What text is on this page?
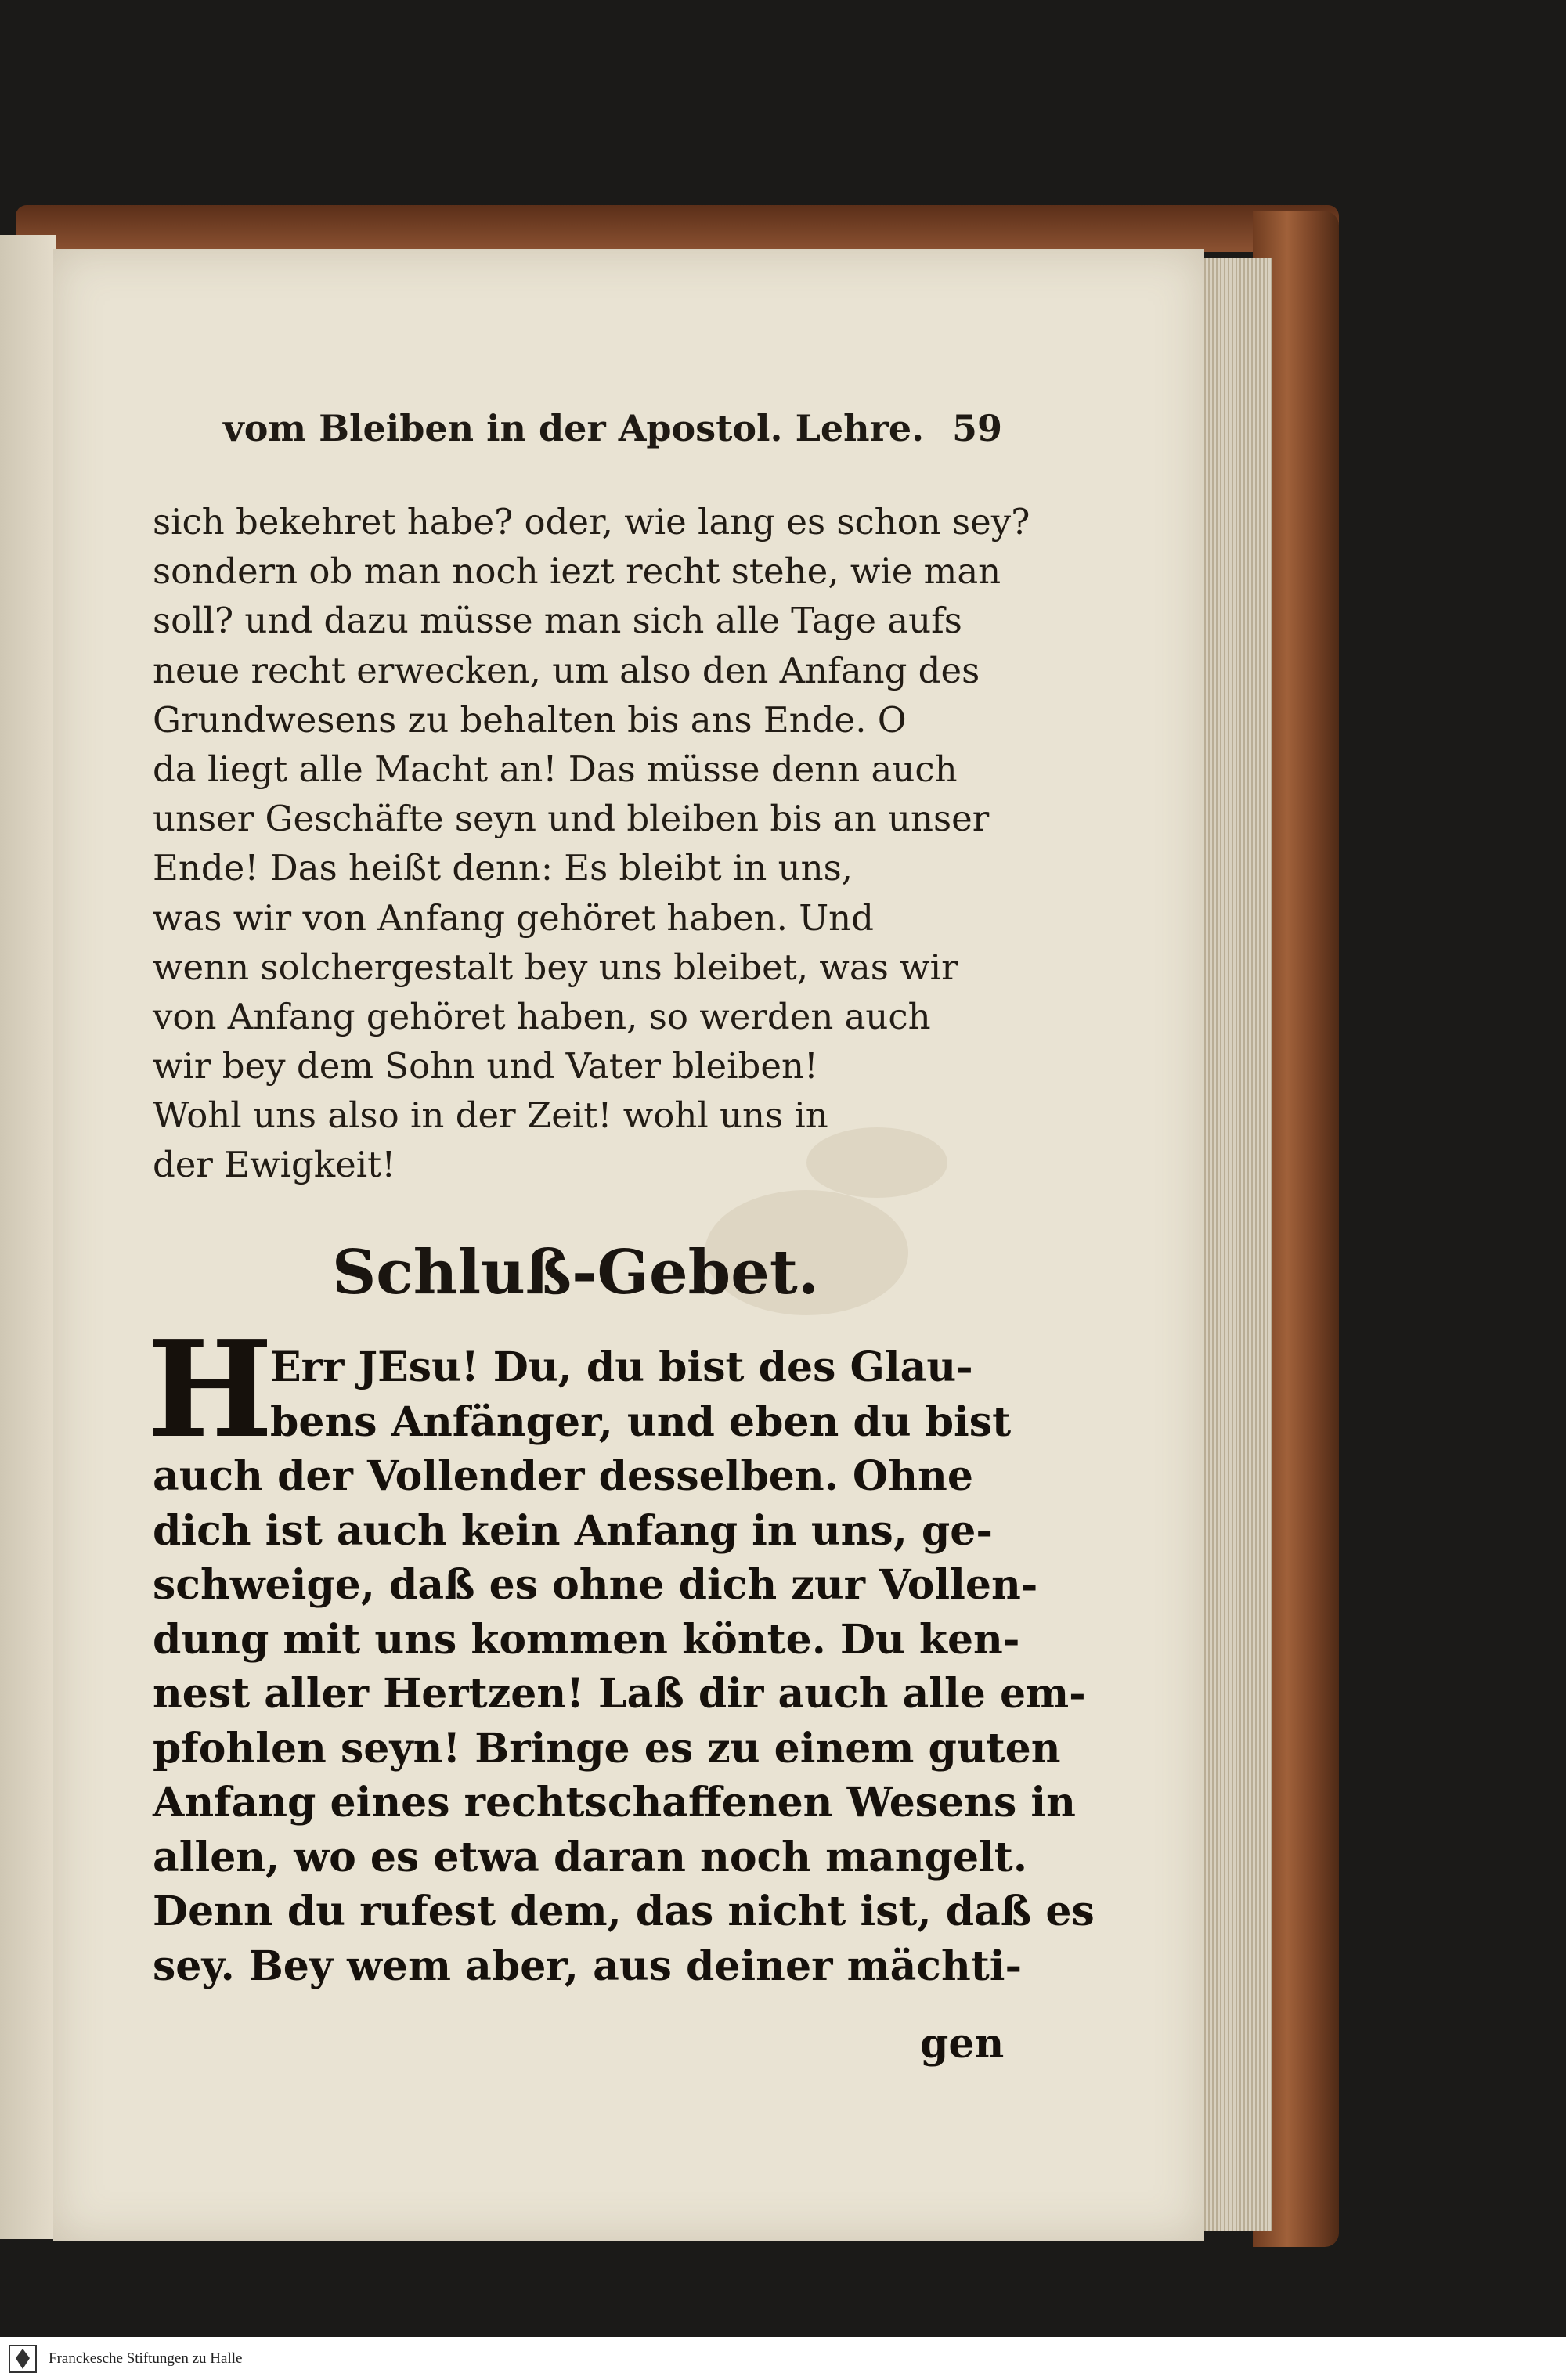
vom Bleiben in der Apostol. Lehre. 59
sich bekehret habe? oder, wie lang es schon sey?
sondern ob man noch iezt recht stehe, wie man
soll? und dazu müsse man sich alle Tage aufs
neue recht erwecken, um also den Anfang des
Grundwesens zu behalten bis ans Ende. O
da liegt alle Macht an! Das müsse denn auch
unser Geschäfte seyn und bleiben bis an unser
Ende! Das heißt denn: Es bleibt in uns,
was wir von Anfang gehöret haben. Und
wenn solchergestalt bey uns bleibet, was wir
von Anfang gehöret haben, so werden auch
wir bey dem Sohn und Vater bleiben!
Wohl uns also in der Zeit! wohl uns in
der Ewigkeit!
Schluß-Gebet.
H
Err JEsu! Du, du bist des Glau-
bens Anfänger, und eben du bist
auch der Vollender desselben. Ohne
dich ist auch kein Anfang in uns, ge-
schweige, daß es ohne dich zur Vollen-
dung mit uns kommen könte. Du ken-
nest aller Hertzen! Laß dir auch alle em-
pfohlen seyn! Bringe es zu einem guten
Anfang eines rechtschaffenen Wesens in
allen, wo es etwa daran noch mangelt.
Denn du rufest dem, das nicht ist, daß es
sey. Bey wem aber, aus deiner mächti-
gen
Franckesche Stiftungen zu Halle
